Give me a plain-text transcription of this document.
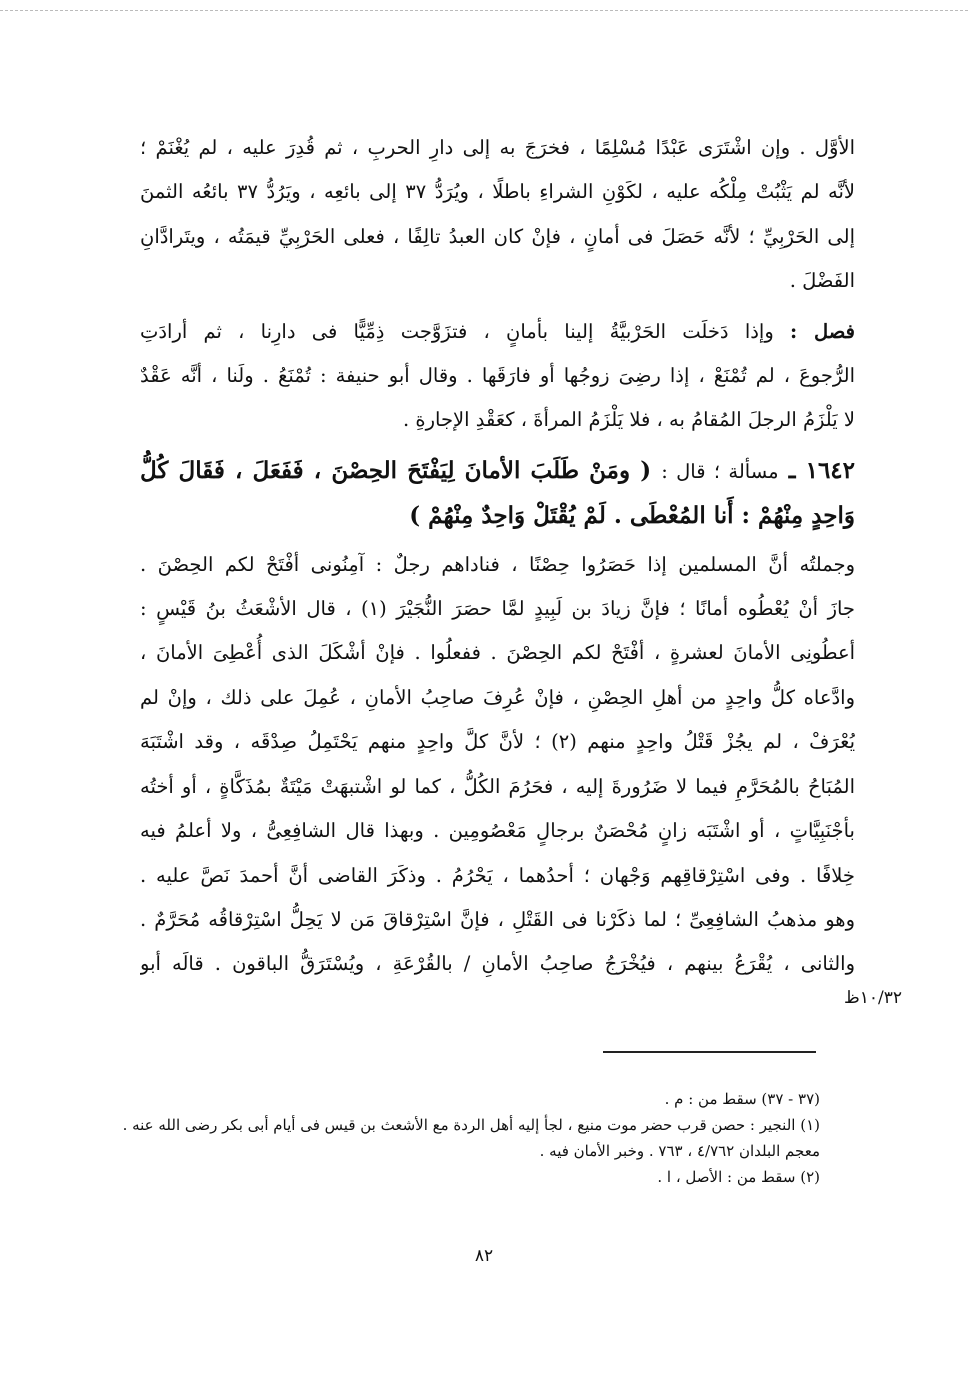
الأوَّل . وإن اشْتَرَى عَبْدًا مُسْلِمًا ، فخرَجَ به إلى دارِ الحربِ ، ثم قُدِرَ عليه ، لم يُغْنَمْ ؛
لأنَّه لم يَثْبُتْ مِلْكُه عليه ، لكَوْنِ الشراءِ باطلًا ، ويُرَدُّ ٣٧ إلى بائعِه ، ويَرُدُّ ٣٧ بائعُه الثمنَ
إلى الحَرْبِيِّ ؛ لأنَّه حَصَلَ فى أمانٍ ، فإنْ كان العبدُ تالِفًا ، فعلى الحَرْبِيِّ قيمَتُه ، ويتَرادَّانِ
الفَضْلَ .
فصل : وإذا دَخلَت الحَرْبيَّةُ إلينا بأمانٍ ، فتزَوَّجت ذِمِّيًّا فى دارِنا ، ثم أرادَتِ
الرُّجوعَ ، لم تُمْنَعْ ، إذا رضِىَ زوجُها أو فارَقَها . وقال أبو حنيفة : تُمْنَعُ . ولَنا ، أنَّه عَقْدٌ
لا يَلْزَمُ الرجلَ المُقامُ به ، فلا يَلْزَمُ المرأةَ ، كعَقْدِ الإجارةِ .
١٦٤٢ ـ مسألة ؛ قال : ( ومَنْ طَلَبَ الأمانَ لِيَفْتَحَ الحِصْنَ ، فَفَعَلَ ، فَقَالَ كُلُّ
وَاحِدٍ مِنْهُمْ : أَنا المُعْطَى . لَمْ يُقْتَلْ وَاحِدٌ مِنْهُمْ )
وجملتُه أنَّ المسلمين إذا حَصَرُوا حِصْنًا ، فناداهم رجلٌ : آمِنُونى أفْتَحْ لكم الحِصْنَ .
جازَ أنْ يُعْطُوه أمانًا ؛ فإنَّ زيادَ بن لَبِيدٍ لمَّا حصَرَ النُّجَيْرَ (١) ، قال الأشْعَثُ بنُ قَيْسٍ :
أعطُونِى الأمانَ لعشرةٍ ، أفْتَحْ لكم الحِصْنَ . ففعلُوا . فإنْ أشْكَلَ الذى أُعْطِىَ الأمانَ ،
وادَّعاه كلُّ واحِدٍ من أهلِ الحِصْنِ ، فإنْ عُرِفَ صاحِبُ الأمانِ ، عُمِلَ على ذلك ، وإنْ لم
يُعْرَفْ ، لم يجُزْ قَتْلُ واحِدٍ منهم (٢) ؛ لأنَّ كلَّ واحِدٍ منهم يَحْتَمِلُ صِدْقَه ، وقد اشْتَبَهَ
المُبَاحُ بالمُحَرَّمِ فيما لا ضَرُورةَ إليه ، فحَرُمَ الكُلُّ ، كما لو اشْتبهَتْ مَيْتَةٌ بمُذَكَّاةٍ ، أو أختُه
بأجْنَبِيَّاتٍ ، أو اشْتَبَه زانٍ مُحْصَنٌ برجالٍ مَعْصُومِين . وبهذا قال الشافِعِىُّ ، ولا أعلمُ فيه
خِلافًا . وفى اسْتِرْقاقِهم وَجْهان ؛ أحدُهما ، يَحْرُمُ . وذكَرَ القاضى أنَّ أحمدَ نَصَّ عليه .
وهو مذهبُ الشافِعِىِّ ؛ لما ذكَرْنا فى القَتْلِ ، فإنَّ اسْتِرْقاقَ مَن لا يَحِلُّ اسْتِرْقاقُه مُحَرَّمٌ .
والثانى ، يُقْرَعُ بينهم ، فيُخْرَجُ صاحِبُ الأمانِ / بالقُرْعَةِ ، ويُسْتَرَقُّ الباقون . قالَه أبو
١٠/٣٢ظ
(٣٧ - ٣٧) سقط من : م .
(١) النجير : حصن قرب حضر موت منيع ، لجأ إليه أهل الردة مع الأشعث بن قيس فى أيام أبى بكر رضى الله عنه .
معجم البلدان ٤/٧٦٢ ، ٧٦٣ . وخبر الأمان فيه .
(٢) سقط من : الأصل ، ا .
٨٢
